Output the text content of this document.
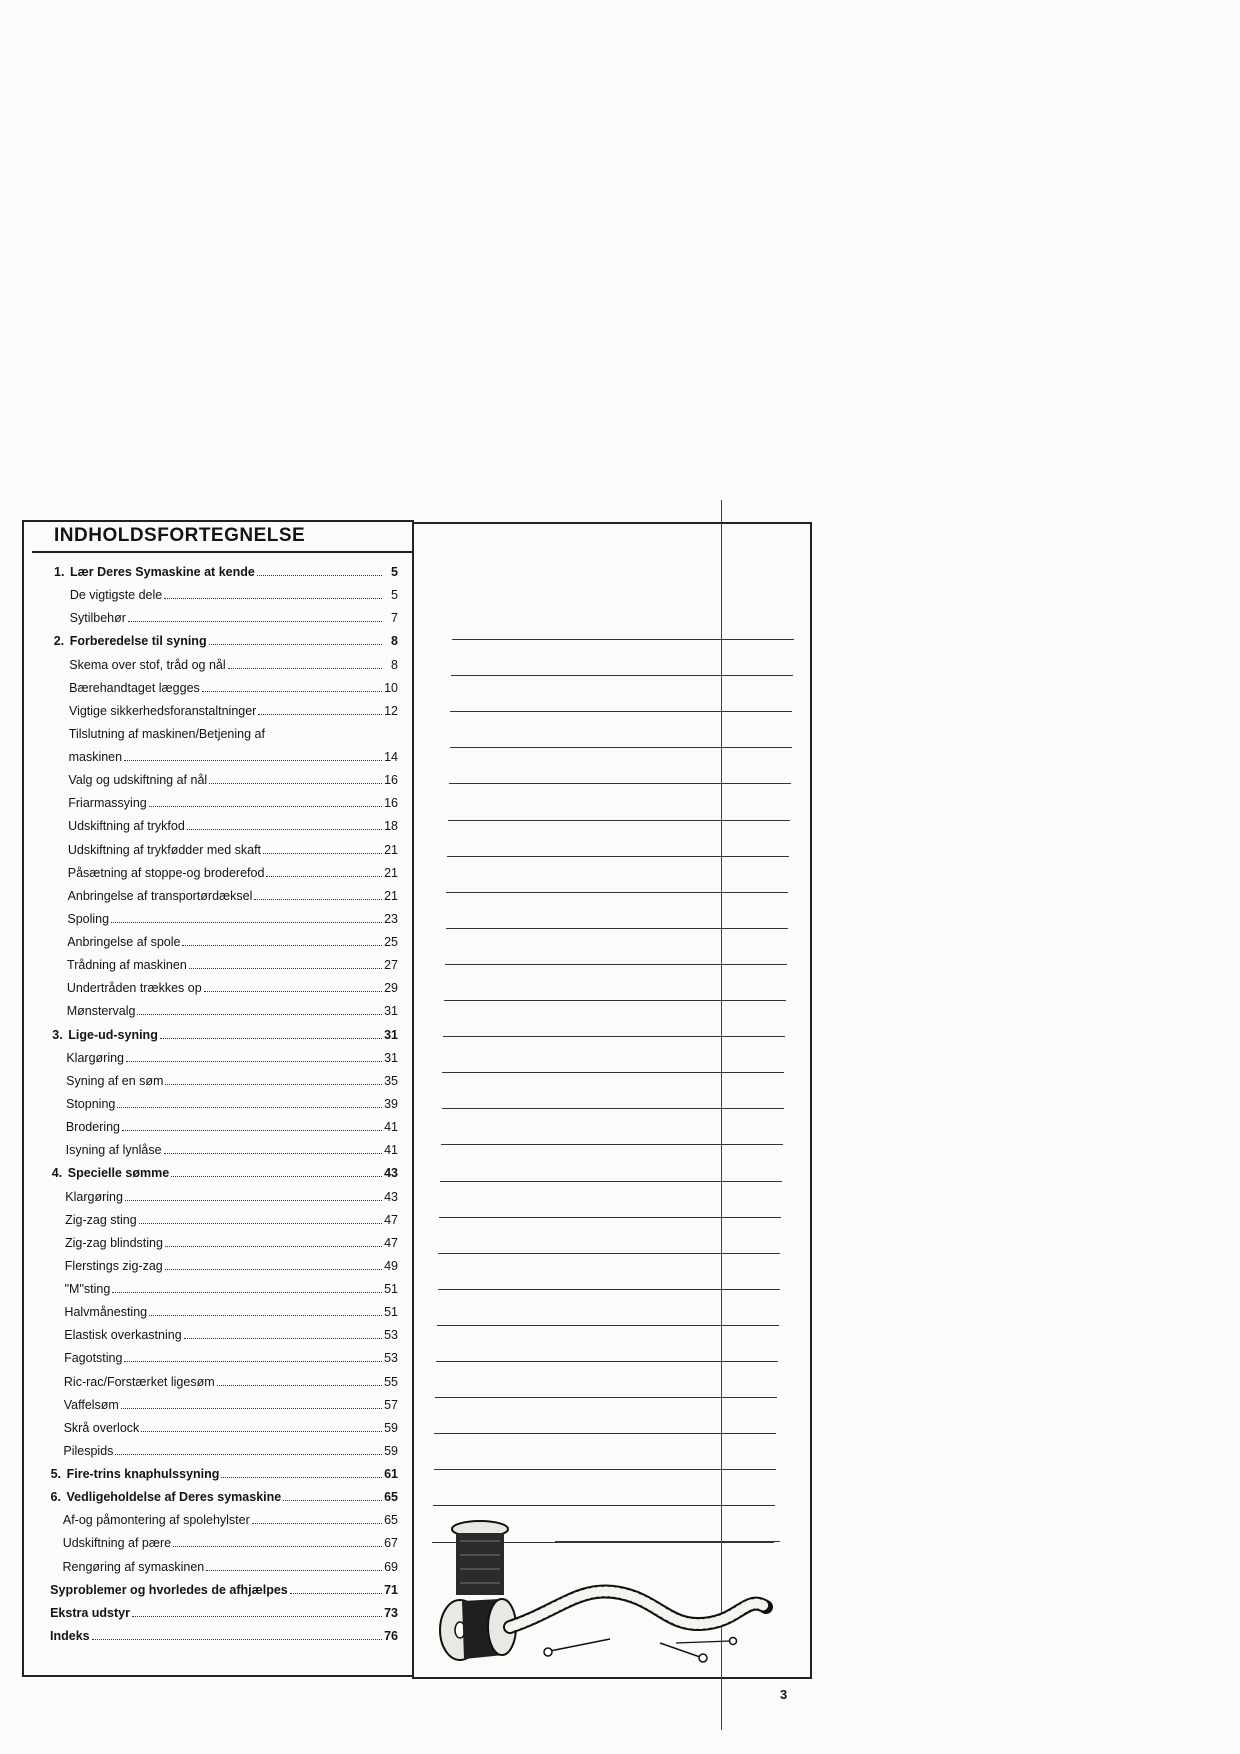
INDHOLDSFORTEGNELSE
1. Lær Deres Symaskine at kende	5
De vigtigste dele	5
Sytilbehør	7
2. Forberedelse til syning	8
Skema over stof, tråd og nål	8
Bærehandtaget lægges	10
Vigtige sikkerhedsforanstaltninger	12
Tilslutning af maskinen/Betjening af
maskinen	14
Valg og udskiftning af nål	16
Friarmassying	16
Udskiftning af trykfod	18
Udskiftning af trykfødder med skaft	21
Påsætning af stoppe-og broderefod	21
Anbringelse af transportørdæksel	21
Spoling	23
Anbringelse af spole	25
Trådning af maskinen	27
Undertråden trækkes op	29
Mønstervalg	31
3. Lige-ud-syning	31
Klargøring	31
Syning af en søm	35
Stopning	39
Brodering	41
Isyning af lynlåse	41
4. Specielle sømme	43
Klargøring	43
Zig-zag sting	47
Zig-zag blindsting	47
Flerstings zig-zag	49
"M"sting	51
Halvmånesting	51
Elastisk overkastning	53
Fagotsting	53
Ric-rac/Forstærket ligesøm	55
Vaffelsøm	57
Skrå overlock	59
Pilespids	59
5. Fire-trins knaphulssyning	61
6. Vedligeholdelse af Deres symaskine	65
Af-og påmontering af spolehylster	65
Udskiftning af pære	67
Rengøring af symaskinen	69
Syproblemer og hvorledes de afhjælpes	71
Ekstra udstyr	73
Indeks	76
3
